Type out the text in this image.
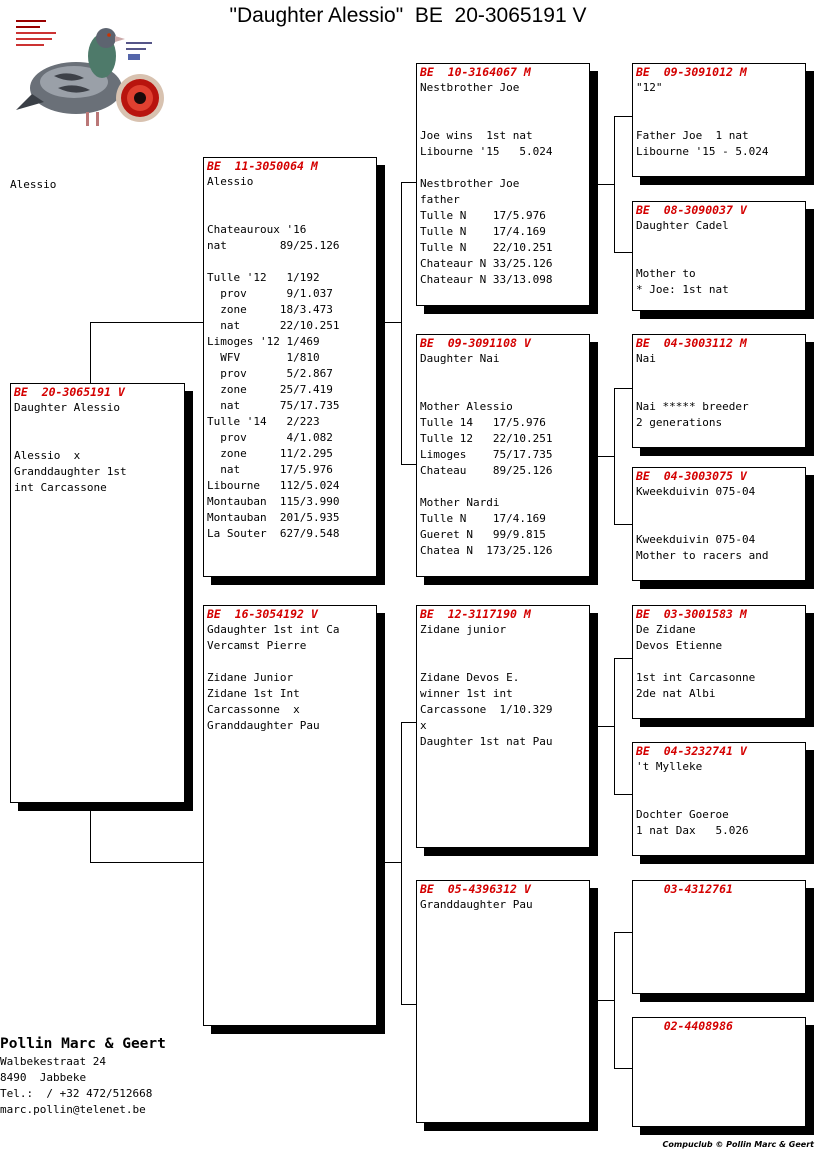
"Daughter Alessio"  BE  20-3065191 V
Alessio
BE  20-3065191 V
Daughter Alessio
Alessio  x
Granddaughter 1st
int Carcassone
BE  11-3050064 M
Alessio
Chateauroux '16
nat        89/25.126
Tulle '12   1/192
prov      9/1.037
zone     18/3.473
nat      22/10.251
Limoges '12 1/469
WFV       1/810
prov      5/2.867
zone     25/7.419
nat      75/17.735
Tulle '14   2/223
prov      4/1.082
zone     11/2.295
nat      17/5.976
Libourne   112/5.024
Montauban  115/3.990
Montauban  201/5.935
La Souter  627/9.548
BE  16-3054192 V
Gdaughter 1st int Ca
Vercamst Pierre
Zidane Junior
Zidane 1st Int
Carcassonne  x
Granddaughter Pau
BE  10-3164067 M
Nestbrother Joe
Joe wins  1st nat
Libourne '15   5.024
Nestbrother Joe
father
Tulle N    17/5.976
Tulle N    17/4.169
Tulle N    22/10.251
Chateaur N 33/25.126
Chateaur N 33/13.098
BE  09-3091108 V
Daughter Nai
Mother Alessio
Tulle 14   17/5.976
Tulle 12   22/10.251
Limoges    75/17.735
Chateau    89/25.126
Mother Nardi
Tulle N    17/4.169
Gueret N   99/9.815
Chatea N  173/25.126
BE  12-3117190 M
Zidane junior
Zidane Devos E.
winner 1st int
Carcassone  1/10.329
x
Daughter 1st nat Pau
BE  05-4396312 V
Granddaughter Pau
BE  09-3091012 M
"12"
Father Joe  1 nat
Libourne '15 - 5.024
BE  08-3090037 V
Daughter Cadel
Mother to
* Joe: 1st nat
BE  04-3003112 M
Nai
Nai ***** breeder
2 generations
BE  04-3003075 V
Kweekduivin 075-04
Kweekduivin 075-04
Mother to racers and
BE  03-3001583 M
De Zidane
Devos Etienne
1st int Carcasonne
2de nat Albi
BE  04-3232741 V
't Mylleke
Dochter Goeroe
1 nat Dax   5.026
03-4312761
02-4408986
Pollin Marc & Geert
Walbekestraat 24
8490  Jabbeke
Tel.:  / +32 472/512668
marc.pollin@telenet.be
Compuclub © Pollin Marc & Geert
